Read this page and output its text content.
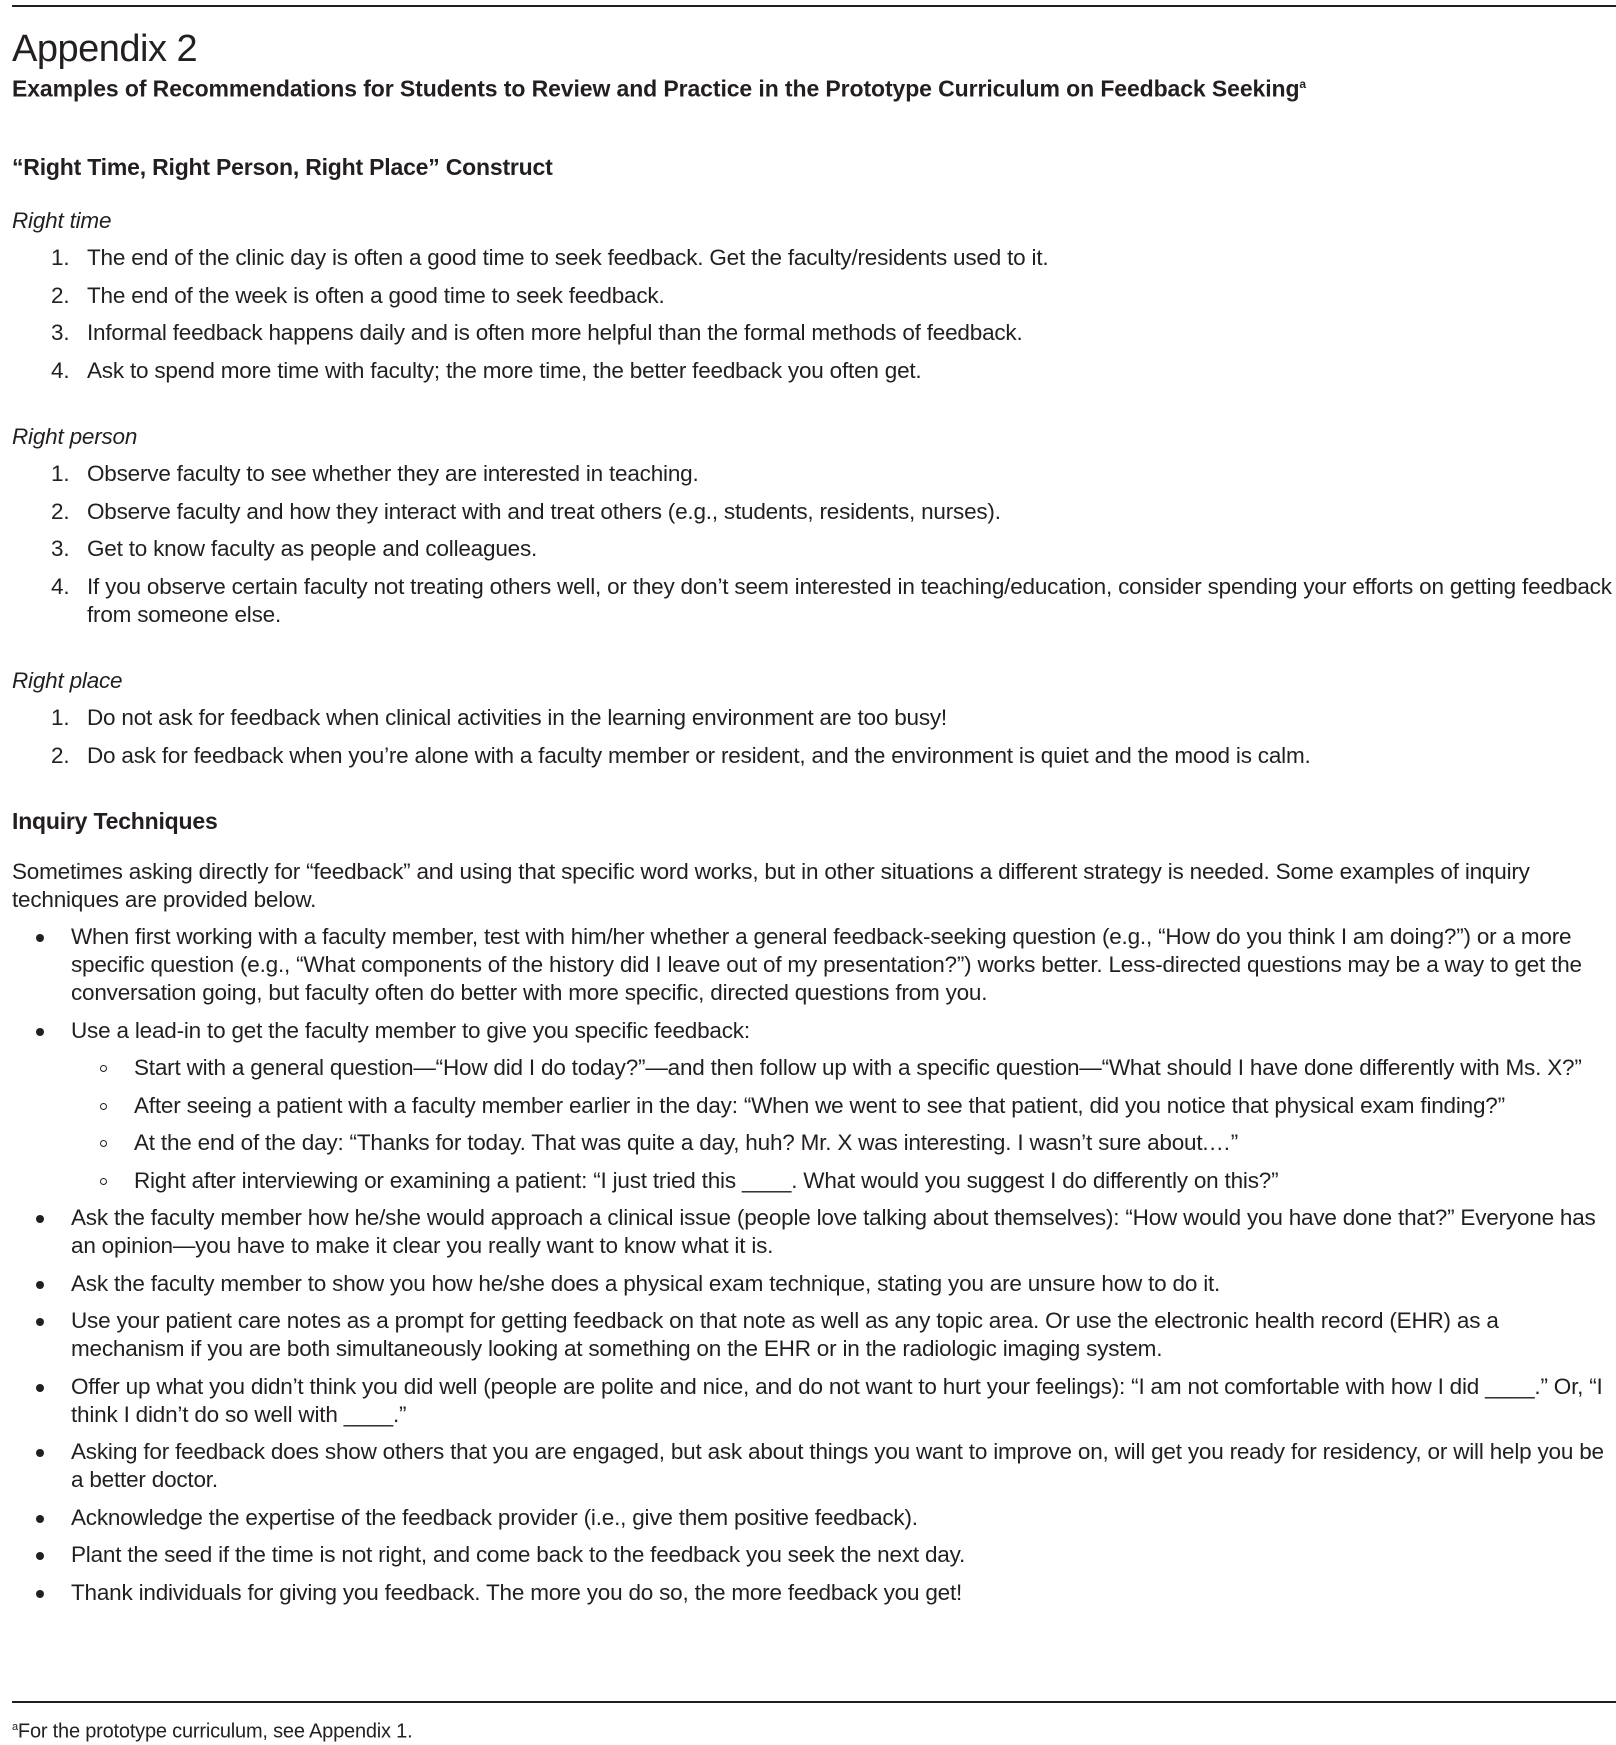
Appendix 2
Examples of Recommendations for Students to Review and Practice in the Prototype Curriculum on Feedback Seeking$^a$
“Right Time, Right Person, Right Place” Construct
Right time
1. The end of the clinic day is often a good time to seek feedback. Get the faculty/residents used to it.
2. The end of the week is often a good time to seek feedback.
3. Informal feedback happens daily and is often more helpful than the formal methods of feedback.
4. Ask to spend more time with faculty; the more time, the better feedback you often get.
Right person
1. Observe faculty to see whether they are interested in teaching.
2. Observe faculty and how they interact with and treat others (e.g., students, residents, nurses).
3. Get to know faculty as people and colleagues.
4. If you observe certain faculty not treating others well, or they don’t seem interested in teaching/education, consider spending your efforts on getting feedback from someone else.
Right place
1. Do not ask for feedback when clinical activities in the learning environment are too busy!
2. Do ask for feedback when you’re alone with a faculty member or resident, and the environment is quiet and the mood is calm.
Inquiry Techniques
Sometimes asking directly for “feedback” and using that specific word works, but in other situations a different strategy is needed. Some examples of inquiry techniques are provided below.
When first working with a faculty member, test with him/her whether a general feedback-seeking question (e.g., “How do you think I am doing?”) or a more specific question (e.g., “What components of the history did I leave out of my presentation?”) works better. Less-directed questions may be a way to get the conversation going, but faculty often do better with more specific, directed questions from you.
Use a lead-in to get the faculty member to give you specific feedback:
Start with a general question—“How did I do today?”—and then follow up with a specific question—“What should I have done differently with Ms. X?”
After seeing a patient with a faculty member earlier in the day: “When we went to see that patient, did you notice that physical exam finding?”
At the end of the day: “Thanks for today. That was quite a day, huh? Mr. X was interesting. I wasn’t sure about.…”
Right after interviewing or examining a patient: “I just tried this ____. What would you suggest I do differently on this?”
Ask the faculty member how he/she would approach a clinical issue (people love talking about themselves): “How would you have done that?” Everyone has an opinion—you have to make it clear you really want to know what it is.
Ask the faculty member to show you how he/she does a physical exam technique, stating you are unsure how to do it.
Use your patient care notes as a prompt for getting feedback on that note as well as any topic area. Or use the electronic health record (EHR) as a mechanism if you are both simultaneously looking at something on the EHR or in the radiologic imaging system.
Offer up what you didn’t think you did well (people are polite and nice, and do not want to hurt your feelings): “I am not comfortable with how I did ____.” Or, “I think I didn’t do so well with ____.”
Asking for feedback does show others that you are engaged, but ask about things you want to improve on, will get you ready for residency, or will help you be a better doctor.
Acknowledge the expertise of the feedback provider (i.e., give them positive feedback).
Plant the seed if the time is not right, and come back to the feedback you seek the next day.
Thank individuals for giving you feedback. The more you do so, the more feedback you get!
$^a$For the prototype curriculum, see Appendix 1.
